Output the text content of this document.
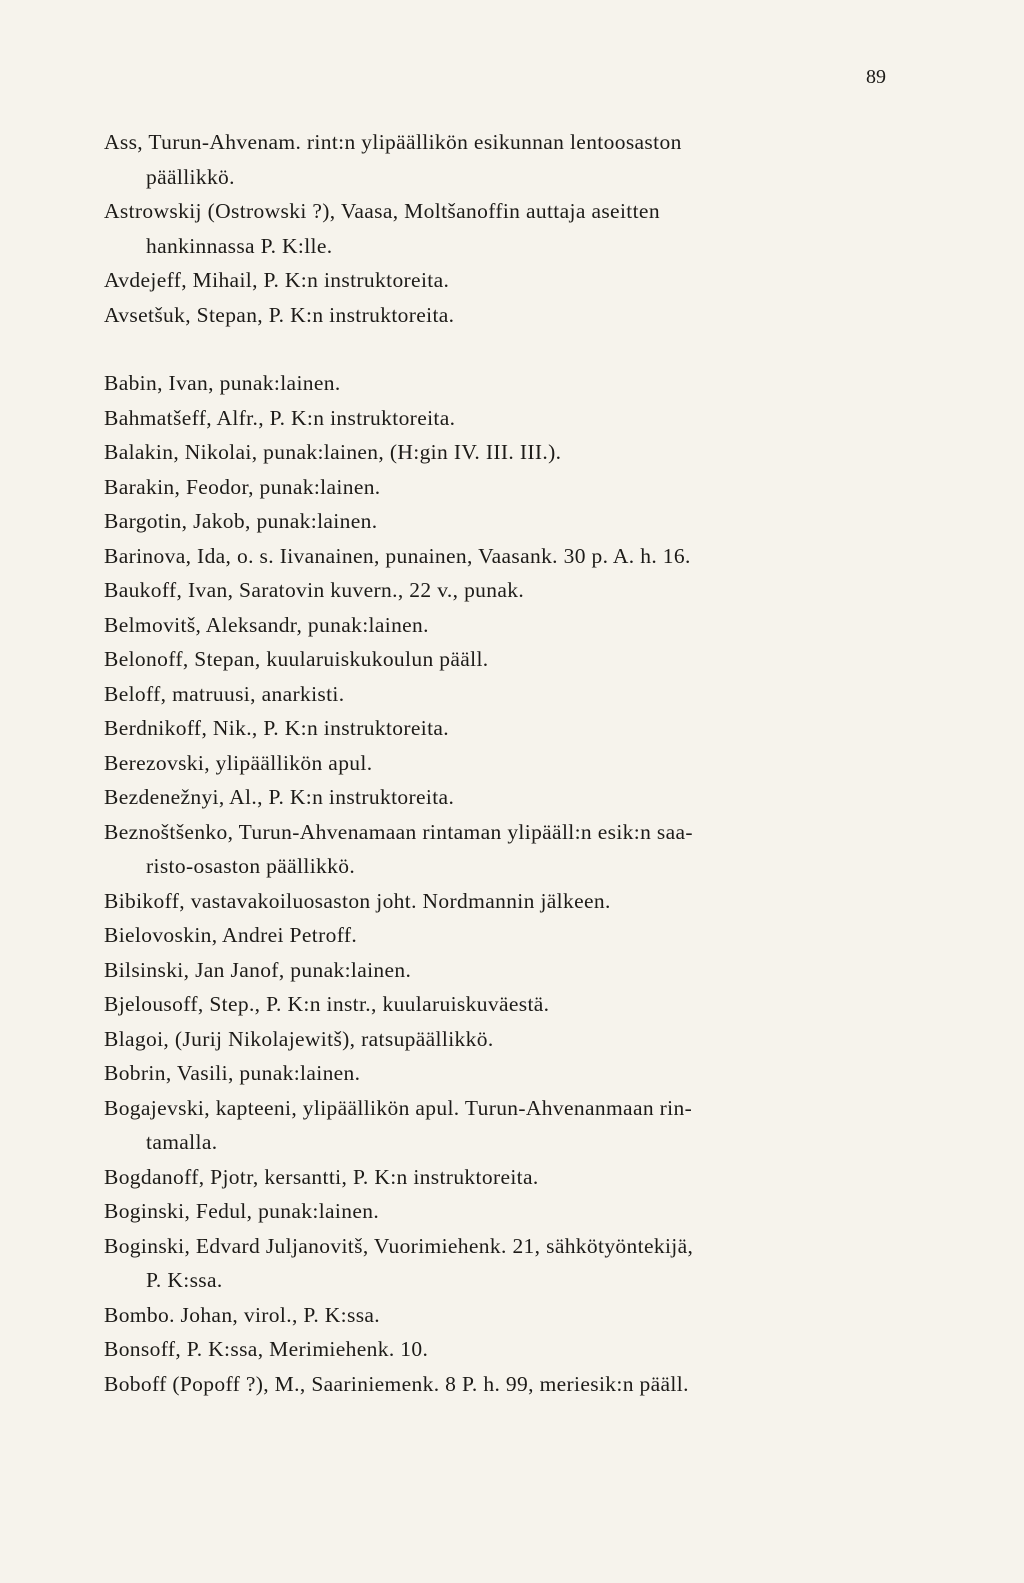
89
Ass, Turun-Ahvenam. rint:n ylipäällikön esikunnan lentoosaston
päällikkö.
Astrowskij (Ostrowski ?), Vaasa, Moltšanoffin auttaja aseitten
hankinnassa P. K:lle.
Avdejeff, Mihail, P. K:n instruktoreita.
Avsetšuk, Stepan, P. K:n instruktoreita.
Babin, Ivan, punak:lainen.
Bahmatšeff, Alfr., P. K:n instruktoreita.
Balakin, Nikolai, punak:lainen, (H:gin IV. III. III.).
Barakin, Feodor, punak:lainen.
Bargotin, Jakob, punak:lainen.
Barinova, Ida, o. s. Iivanainen, punainen, Vaasank. 30 p. A. h. 16.
Baukoff, Ivan, Saratovin kuvern., 22 v., punak.
Belmovitš, Aleksandr, punak:lainen.
Belonoff, Stepan, kuularuiskukoulun pääll.
Beloff, matruusi, anarkisti.
Berdnikoff, Nik., P. K:n instruktoreita.
Berezovski, ylipäällikön apul.
Bezdenežnyi, Al., P. K:n instruktoreita.
Beznoštšenko, Turun-Ahvenamaan rintaman ylipääll:n esik:n saa-
risto-osaston päällikkö.
Bibikoff, vastavakoiluosaston joht. Nordmannin jälkeen.
Bielovoskin, Andrei Petroff.
Bilsinski, Jan Janof, punak:lainen.
Bjelousoff, Step., P. K:n instr., kuularuiskuväestä.
Blagoi, (Jurij Nikolajewitš), ratsupäällikkö.
Bobrin, Vasili, punak:lainen.
Bogajevski, kapteeni, ylipäällikön apul. Turun-Ahvenanmaan rin-
tamalla.
Bogdanoff, Pjotr, kersantti, P. K:n instruktoreita.
Boginski, Fedul, punak:lainen.
Boginski, Edvard Juljanovitš, Vuorimiehenk. 21, sähkötyöntekijä,
P. K:ssa.
Bombo. Johan, virol., P. K:ssa.
Bonsoff, P. K:ssa, Merimiehenk. 10.
Boboff (Popoff ?), M., Saariniemenk. 8 P. h. 99, meriesik:n pääll.
